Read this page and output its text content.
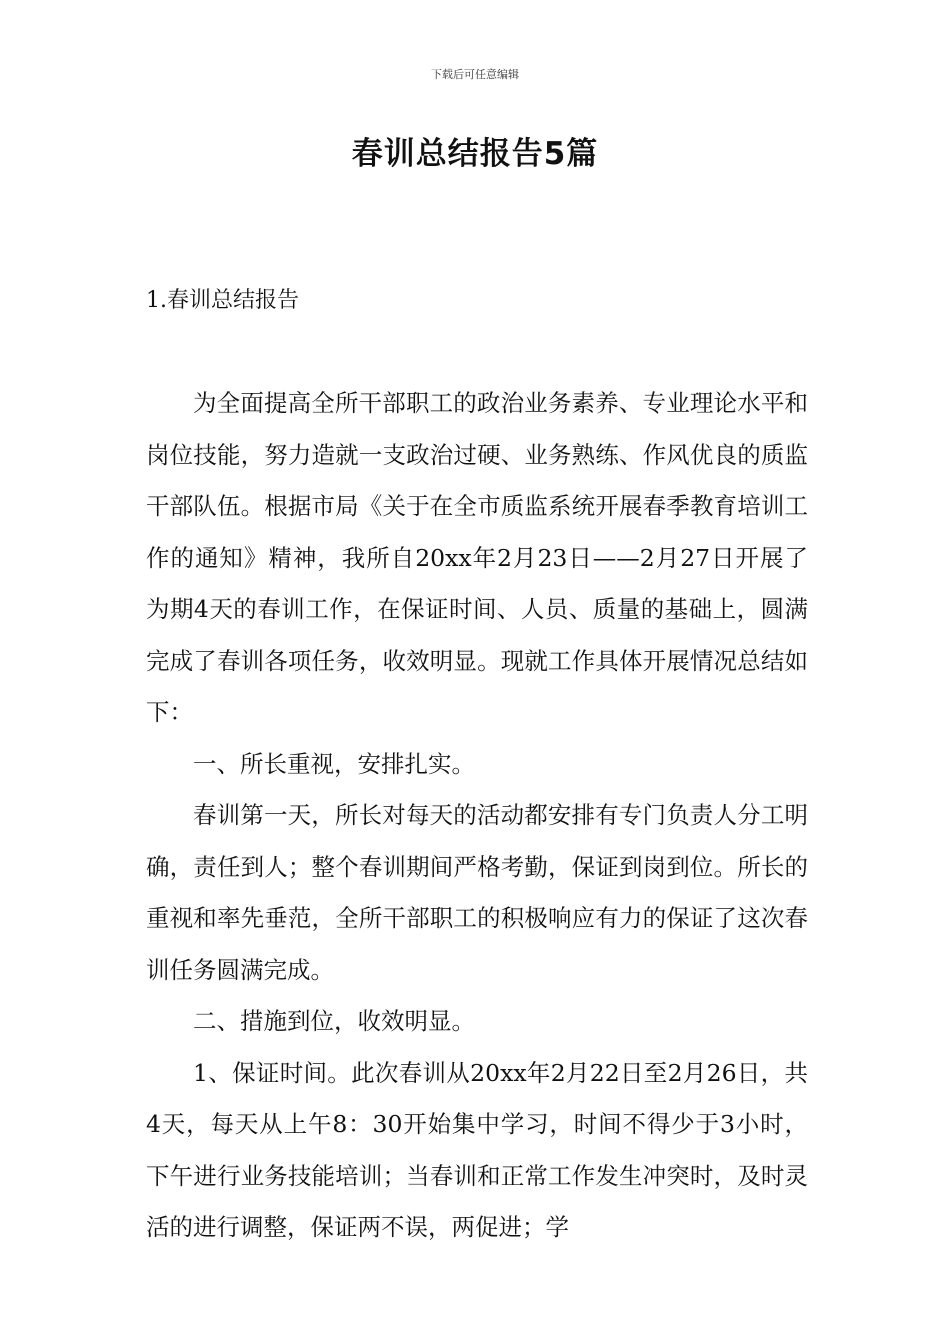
下载后可任意编辑
春训总结报告5篇
1.春训总结报告

为全面提高全所干部职工的政治业务素养、专业理论水平和岗位技能，努力造就一支政治过硬、业务熟练、作风优良的质监干部队伍。根据市局《关于在全市质监系统开展春季教育培训工作的通知》精神，我所自20xx年2月23日——2月27日开展了为期4天的春训工作，在保证时间、人员、质量的基础上，圆满完成了春训各项任务，收效明显。现就工作具体开展情况总结如下：

一、所长重视，安排扎实。

春训第一天，所长对每天的活动都安排有专门负责人分工明确，责任到人；整个春训期间严格考勤，保证到岗到位。所长的重视和率先垂范，全所干部职工的积极响应有力的保证了这次春训任务圆满完成。

二、措施到位，收效明显。

1、保证时间。此次春训从20xx年2月22日至2月26日，共4天，每天从上午8：30开始集中学习，时间不得少于3小时，下午进行业务技能培训；当春训和正常工作发生冲突时，及时灵活的进行调整，保证两不误，两促进；学
